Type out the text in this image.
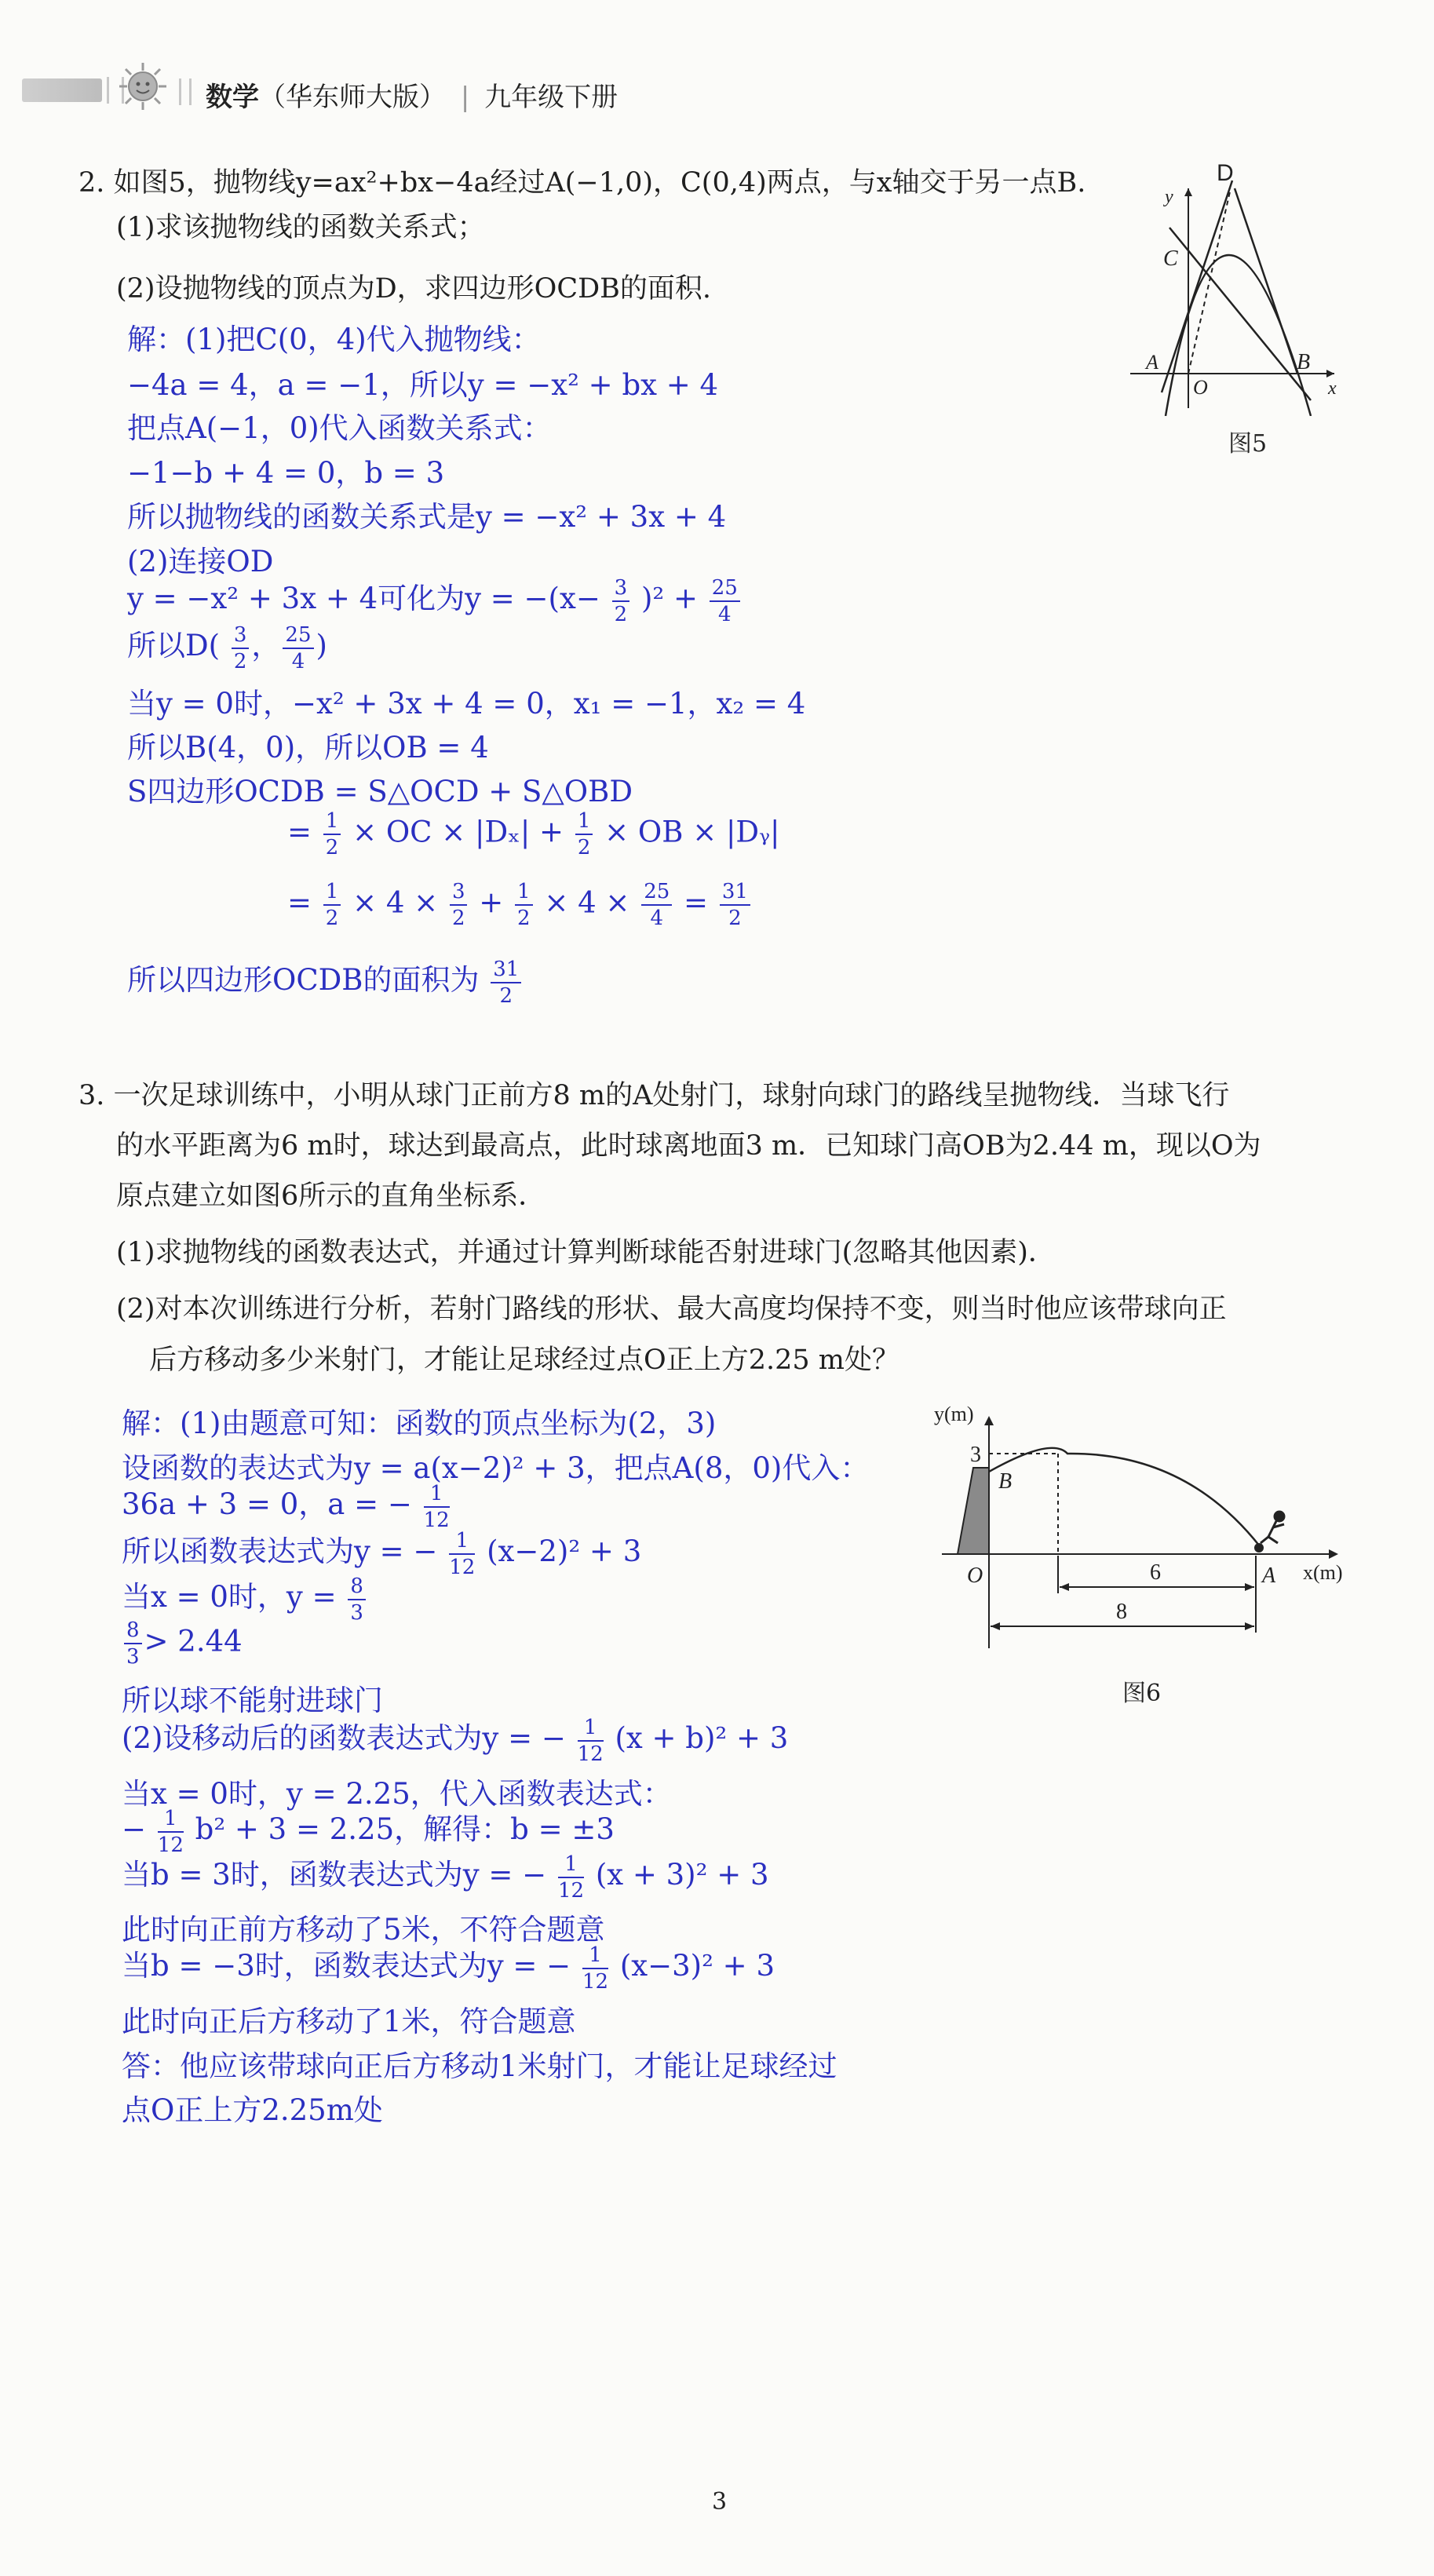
数学（华东师大版） | 九年级下册
2. 如图5，抛物线y=ax²+bx−4a经过A(−1,0)，C(0,4)两点，与x轴交于另一点B.
(1)求该抛物线的函数关系式；
(2)设抛物线的顶点为D，求四边形OCDB的面积.
解：(1)把C(0，4)代入抛物线：
−4a = 4，a = −1，所以y = −x² + bx + 4
把点A(−1，0)代入函数关系式：
−1−b + 4 = 0，b = 3
所以抛物线的函数关系式是y = −x² + 3x + 4
(2)连接OD
y = −x² + 3x + 4可化为$y = -(x- \frac{3}{2} )^2 + \frac{25}{4}$
所以$D( \frac{3}{2}$ ， $\frac{25}{4}$ )
当y = 0时，−x² + 3x + 4 = 0，x₁ = −1，x₂ = 4
所以B(4，0)，所以OB = 4
S四边形OCDB = S△OCD + S△OBD
= $\frac{1}{2}$ × OC × $|D_x| + \frac{1}{2}$ × OB × |Dᵧ|
= $\frac{1}{2} \times 4 \times \frac{3}{2} + \frac{1}{2} \times 4 \times \frac{25}{4} = \frac{31}{2}$
所以四边形OCDB的面积为 $\frac{31}{2}$
D
y
C
A
O
B
x
图5
3. 一次足球训练中，小明从球门正前方8 m的A处射门，球射向球门的路线呈抛物线．当球飞行
的水平距离为6 m时，球达到最高点，此时球离地面3 m．已知球门高OB为2.44 m，现以O为
原点建立如图6所示的直角坐标系．
(1)求抛物线的函数表达式，并通过计算判断球能否射进球门(忽略其他因素)．
(2)对本次训练进行分析，若射门路线的形状、最大高度均保持不变，则当时他应该带球向正
后方移动多少米射门，才能让足球经过点O正上方2.25 m处？
解：(1)由题意可知：函数的顶点坐标为(2，3)
设函数的表达式为y = a(x−2)² + 3，把点A(8，0)代入：
36a + 3 = 0，a = − $\frac{1}{12}$
所以函数表达式为y = − $\frac{1}{12} (x-2)^2 + 3$
当x = 0时，$y = \frac{8}{3}$
$\frac{8}{3} > 2.44$
所以球不能射进球门
(2)设移动后的函数表达式为y = − $\frac{1}{12} (x + b)^2 + 3$
当x = 0时，y = 2.25，代入函数表达式：
− $\frac{1}{12} b^2 + 3 = 2.25$，解得：b = ±3
当b = 3时，函数表达式为y = − $\frac{1}{12} (x + 3)^2 + 3$
此时向正前方移动了5米，不符合题意
当b = −3时，函数表达式为y = − $\frac{1}{12} (x-3)^2 + 3$
此时向正后方移动了1米，符合题意
答：他应该带球向正后方移动1米射门，才能让足球经过
点O正上方2.25m处
y(m)
3
B
O	A x(m)
6
8
图6
3
